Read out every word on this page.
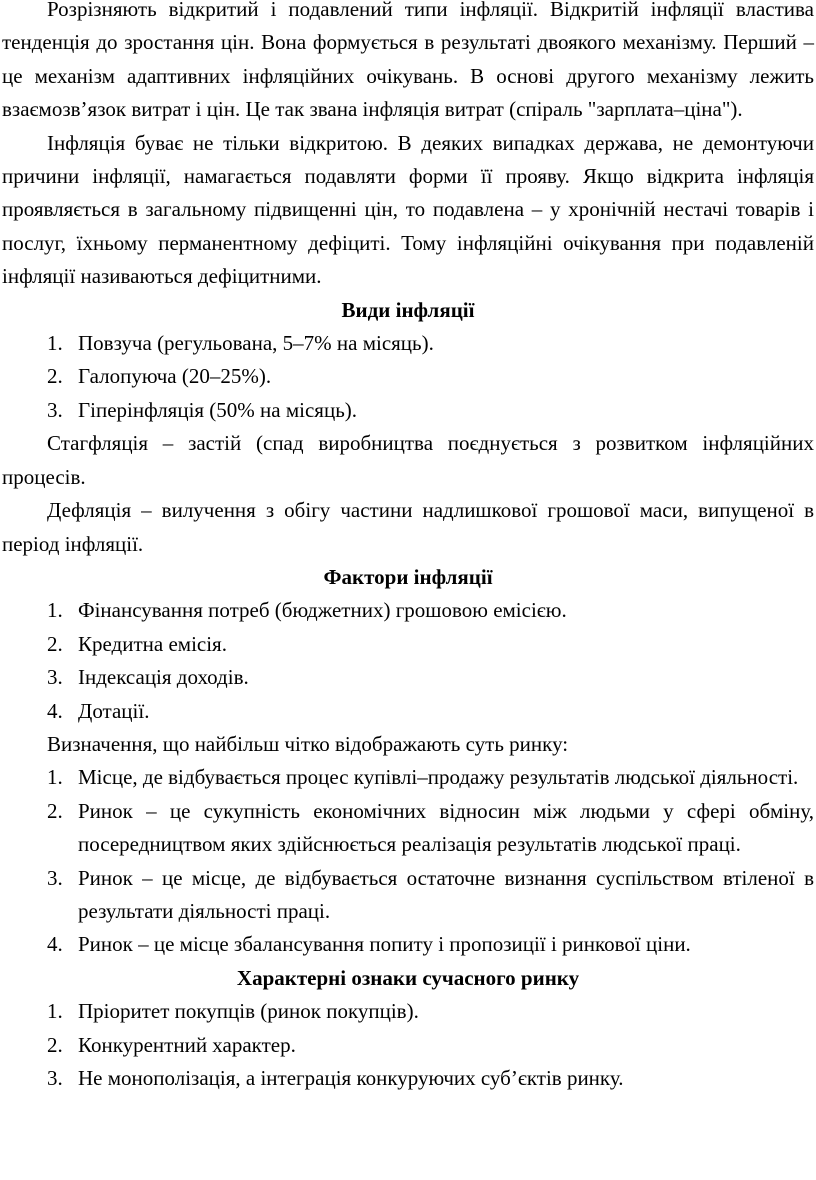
Розрізняють відкритий і подавлений типи інфляції. Відкритій інфляції властива тенденція до зростання цін. Вона формується в результаті двоякого механізму. Перший – це механізм адаптивних інфляційних очікувань. В основі другого механізму лежить взаємозв’язок витрат і цін. Це так звана інфляція витрат (спіраль "зарплата–ціна").

Інфляція буває не тільки відкритою. В деяких випадках держава, не демонтуючи причини інфляції, намагається подавляти форми її прояву. Якщо відкрита інфляція проявляється в загальному підвищенні цін, то подавлена – у хронічній нестачі товарів і послуг, їхньому перманентному дефіциті. Тому інфляційні очікування при подавленій інфляції називаються дефіцитними.

Види інфляції
1. Повзуча (регульована, 5–7% на місяць).
2. Галопуюча (20–25%).
3. Гіперінфляція (50% на місяць).

Стагфляція – застій (спад виробництва поєднується з розвитком інфляційних процесів.

Дефляція – вилучення з обігу частини надлишкової грошової маси, випущеної в період інфляції.

Фактори інфляції
1. Фінансування потреб (бюджетних) грошовою емісією.
2. Кредитна емісія.
3. Індексація доходів.
4. Дотації.

Визначення, що найбільш чітко відображають суть ринку:

1. Місце, де відбувається процес купівлі–продажу результатів людської діяльності.
2. Ринок – це сукупність економічних відносин між людьми у сфері обміну, посередництвом яких здійснюється реалізація результатів людської праці.
3. Ринок – це місце, де відбувається остаточне визнання суспільством втіленої в результати діяльності праці.
4. Ринок – це місце збалансування попиту і пропозиції і ринкової ціни.
Характерні ознаки сучасного ринку
1. Пріоритет покупців (ринок покупців).
2. Конкурентний характер.
3. Не монополізація, а інтеграція конкуруючих суб’єктів ринку.
